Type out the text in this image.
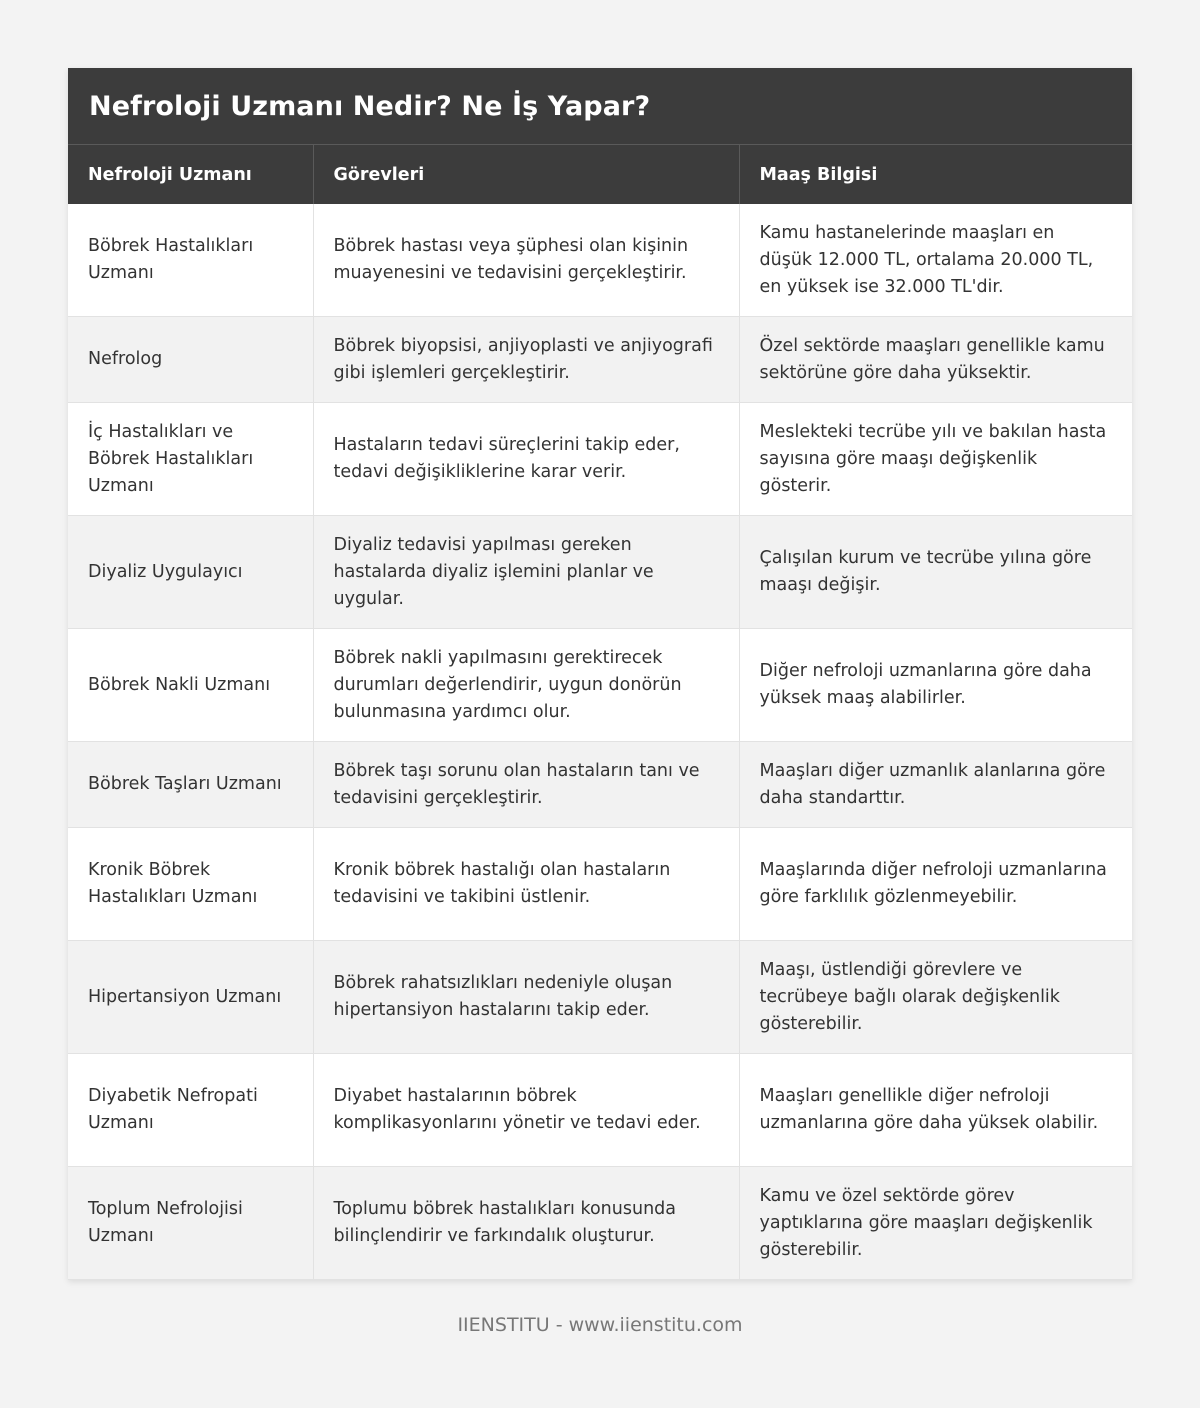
Nefroloji Uzmanı Nedir? Ne İş Yapar?
Nefroloji Uzmanı	Görevleri	Maaş Bilgisi
Böbrek Hastalıkları Uzmanı	Böbrek hastası veya şüphesi olan kişinin muayenesini ve tedavisini gerçekleştirir.	Kamu hastanelerinde maaşları en düşük 12.000 TL, ortalama 20.000 TL, en yüksek ise 32.000 TL'dir.
Nefrolog	Böbrek biyopsisi, anjiyoplasti ve anjiyografi gibi işlemleri gerçekleştirir.	Özel sektörde maaşları genellikle kamu sektörüne göre daha yüksektir.
İç Hastalıkları ve Böbrek Hastalıkları Uzmanı	Hastaların tedavi süreçlerini takip eder, tedavi değişikliklerine karar verir.	Meslekteki tecrübe yılı ve bakılan hasta sayısına göre maaşı değişkenlik gösterir.
Diyaliz Uygulayıcı	Diyaliz tedavisi yapılması gereken hastalarda diyaliz işlemini planlar ve uygular.	Çalışılan kurum ve tecrübe yılına göre maaşı değişir.
Böbrek Nakli Uzmanı	Böbrek nakli yapılmasını gerektirecek durumları değerlendirir, uygun donörün bulunmasına yardımcı olur.	Diğer nefroloji uzmanlarına göre daha yüksek maaş alabilirler.
Böbrek Taşları Uzmanı	Böbrek taşı sorunu olan hastaların tanı ve tedavisini gerçekleştirir.	Maaşları diğer uzmanlık alanlarına göre daha standarttır.
Kronik Böbrek Hastalıkları Uzmanı	Kronik böbrek hastalığı olan hastaların tedavisini ve takibini üstlenir.	Maaşlarında diğer nefroloji uzmanlarına göre farklılık gözlenmeyebilir.
Hipertansiyon Uzmanı	Böbrek rahatsızlıkları nedeniyle oluşan hipertansiyon hastalarını takip eder.	Maaşı, üstlendiği görevlere ve tecrübeye bağlı olarak değişkenlik gösterebilir.
Diyabetik Nefropati Uzmanı	Diyabet hastalarının böbrek komplikasyonlarını yönetir ve tedavi eder.	Maaşları genellikle diğer nefroloji uzmanlarına göre daha yüksek olabilir.
Toplum Nefrolojisi Uzmanı	Toplumu böbrek hastalıkları konusunda bilinçlendirir ve farkındalık oluşturur.	Kamu ve özel sektörde görev yaptıklarına göre maaşları değişkenlik gösterebilir.
IIENSTITU - www.iienstitu.com
